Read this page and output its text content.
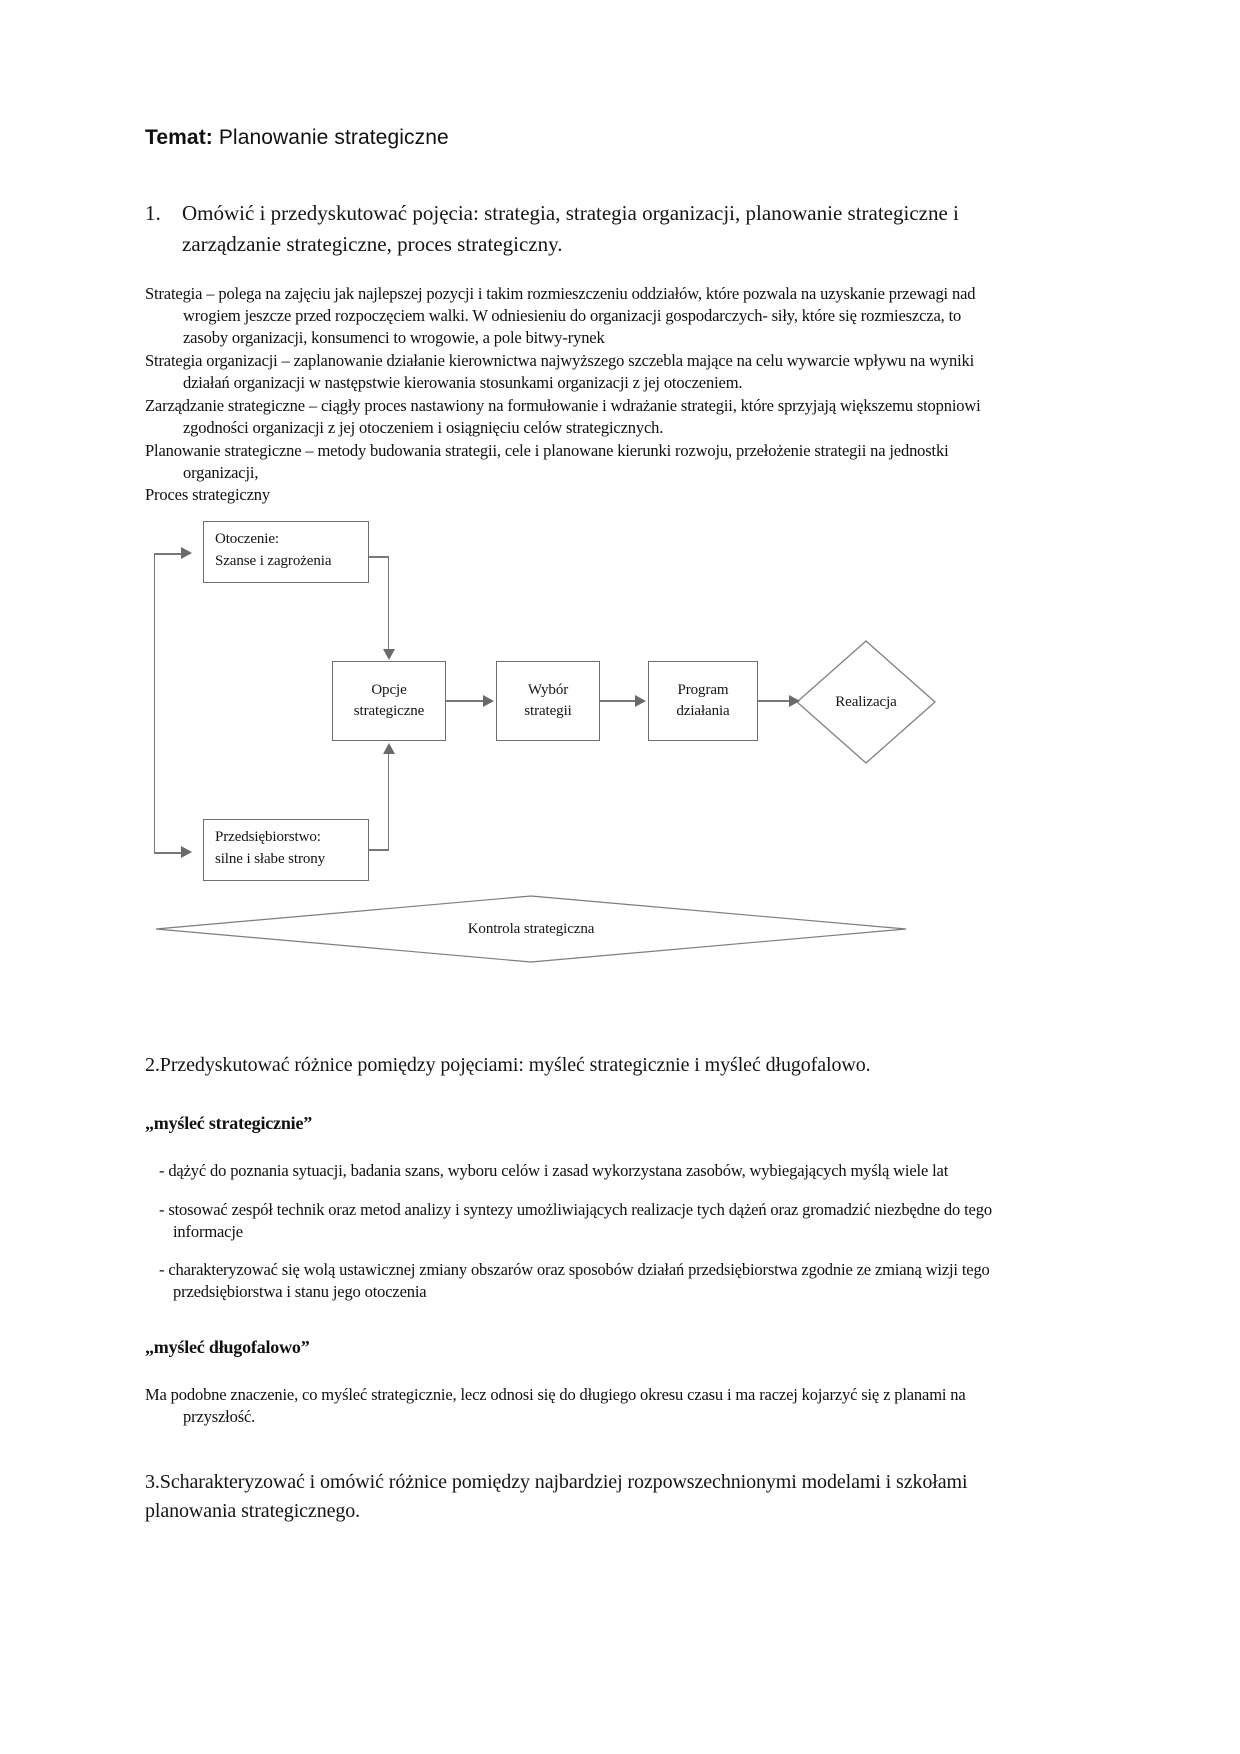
Temat: Planowanie strategiczne
1.	Omówić i przedyskutować pojęcia: strategia, strategia organizacji, planowanie strategiczne i zarządzanie strategiczne, proces strategiczny.

Strategia – polega na zajęciu jak najlepszej pozycji i takim rozmieszczeniu oddziałów, które pozwala na uzyskanie przewagi nad wrogiem jeszcze przed rozpoczęciem walki. W odniesieniu do organizacji gospodarczych- siły, które się rozmieszcza, to zasoby organizacji, konsumenci to wrogowie, a pole bitwy-rynek

Strategia organizacji – zaplanowanie działanie kierownictwa najwyższego szczebla mające na celu wywarcie wpływu na wyniki działań organizacji w następstwie kierowania stosunkami organizacji z jej otoczeniem.

Zarządzanie strategiczne – ciągły proces nastawiony na formułowanie i wdrażanie strategii, które sprzyjają większemu stopniowi zgodności organizacji z jej otoczeniem i osiągnięciu celów strategicznych.

Planowanie strategiczne – metody budowania strategii, cele i planowane kierunki rozwoju, przełożenie strategii na jednostki organizacji,

Proces strategiczny

Otoczenie:
Szanse i zagrożenia
Przedsiębiorstwo:
silne i słabe strony
Opcje
strategiczne
Wybór
strategii
Program
działania
Realizacja
Kontrola strategiczna
2.Przedyskutować różnice pomiędzy pojęciami: myśleć strategicznie i myśleć długofalowo.
„myśleć strategicznie”

- dążyć do poznania sytuacji, badania szans, wyboru celów i zasad wykorzystana zasobów, wybiegających myślą wiele lat

- stosować zespół technik oraz metod analizy i syntezy umożliwiających realizacje tych dążeń oraz gromadzić niezbędne do tego informacje

- charakteryzować się wolą ustawicznej zmiany obszarów oraz sposobów działań przedsiębiorstwa zgodnie ze zmianą wizji tego przedsiębiorstwa i stanu jego otoczenia

„myśleć długofalowo”
Ma podobne znaczenie, co myśleć strategicznie, lecz odnosi się do długiego okresu czasu i ma raczej kojarzyć się z planami na przyszłość.
3.Scharakteryzować i omówić różnice pomiędzy najbardziej rozpowszechnionymi modelami i szkołami planowania strategicznego.
